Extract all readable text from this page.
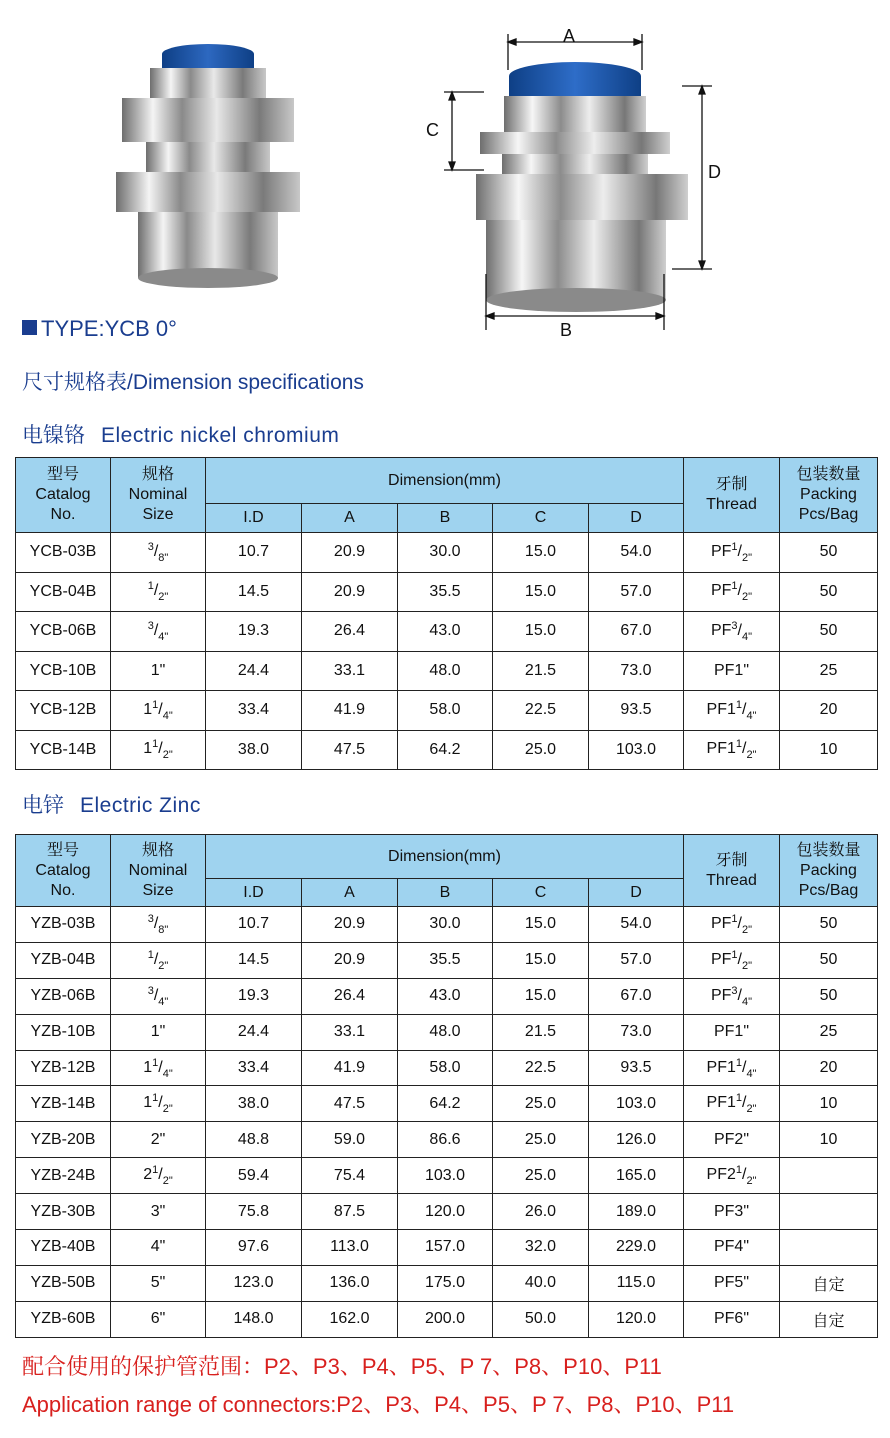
A
C
D
B
TYPE:YCB 0°
尺寸规格表/Dimension specifications
电镍铬 Electric nickel chromium
型号
Catalog
No.	规格
Nominal
Size	Dimension(mm)					牙制
Thread	包装数量
Packing
Pcs/Bag
		I.D	A	B	C	D		
YCB-03B	$^3/_{8"}$	10.7	20.9	30.0	15.0	54.0	$PF^1/_{2"}$	50
YCB-04B	$^1/_{2"}$	14.5	20.9	35.5	15.0	57.0	$PF^1/_{2"}$	50
YCB-06B	$^3/_{4"}$	19.3	26.4	43.0	15.0	67.0	$PF^3/_{4"}$	50
YCB-10B	1"	24.4	33.1	48.0	21.5	73.0	PF1"	25
YCB-12B	$1^1/_{4"}$	33.4	41.9	58.0	22.5	93.5	$PF1^1/_{4"}$	20
YCB-14B	$1^1/_{2"}$	38.0	47.5	64.2	25.0	103.0	$PF1^1/_{2"}$	10
电锌 Electric Zinc
型号
Catalog
No.	规格
Nominal
Size	Dimension(mm)					牙制
Thread	包装数量
Packing
Pcs/Bag
		I.D	A	B	C	D		
YZB-03B	$^3/_{8"}$	10.7	20.9	30.0	15.0	54.0	$PF^1/_{2"}$	50
YZB-04B	$^1/_{2"}$	14.5	20.9	35.5	15.0	57.0	$PF^1/_{2"}$	50
YZB-06B	$^3/_{4"}$	19.3	26.4	43.0	15.0	67.0	$PF^3/_{4"}$	50
YZB-10B	1"	24.4	33.1	48.0	21.5	73.0	PF1"	25
YZB-12B	$1^1/_{4"}$	33.4	41.9	58.0	22.5	93.5	$PF1^1/_{4"}$	20
YZB-14B	$1^1/_{2"}$	38.0	47.5	64.2	25.0	103.0	$PF1^1/_{2"}$	10
YZB-20B	2"	48.8	59.0	86.6	25.0	126.0	PF2"	10
YZB-24B	$2^1/_{2"}$	59.4	75.4	103.0	25.0	165.0	$PF2^1/_{2"}$	
YZB-30B	3"	75.8	87.5	120.0	26.0	189.0	PF3"	
YZB-40B	4"	97.6	113.0	157.0	32.0	229.0	PF4"	
YZB-50B	5"	123.0	136.0	175.0	40.0	115.0	PF5"	自定
YZB-60B	6"	148.0	162.0	200.0	50.0	120.0	PF6"	自定
配合使用的保护管范围：P2、P3、P4、P5、P 7、P8、P10、P11
Application range of connectors:P2、P3、P4、P5、P 7、P8、P10、P11
